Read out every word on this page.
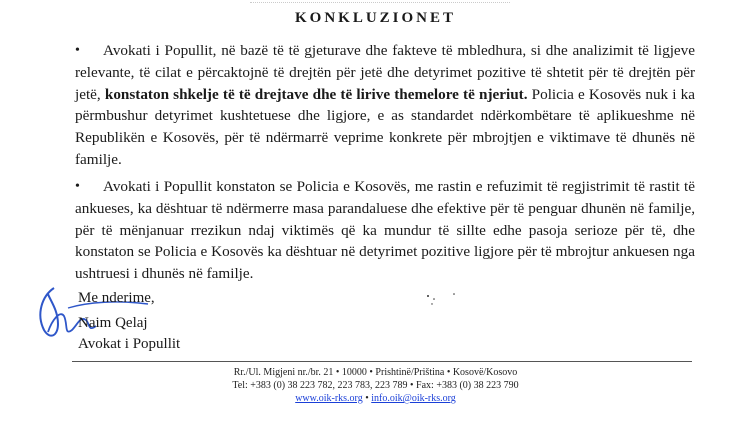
KONKLUZIONET
•	Avokati i Popullit, në bazë të të gjeturave dhe fakteve të mbledhura, si dhe analizimit të ligjeve relevante, të cilat e përcaktojnë të drejtën për jetë dhe detyrimet pozitive të shtetit për të drejtën për jetë, konstaton shkelje të të drejtave dhe të lirive themelore të njeriut. Policia e Kosovës nuk i ka përmbushur detyrimet kushtetuese dhe ligjore, e as standardet ndërkombëtare të aplikueshme në Republikën e Kosovës, për të ndërmarrë veprime konkrete për mbrojtjen e viktimave të dhunës në familje.
•	Avokati i Popullit konstaton se Policia e Kosovës, me rastin e refuzimit të regjistrimit të rastit të ankueses, ka dështuar të ndërmerre masa parandaluese dhe efektive për të penguar dhunën në familje, për të mënjanuar rrezikun ndaj viktimës që ka mundur të sillte edhe pasoja serioze për të, dhe konstaton se Policia e Kosovës ka dështuar në detyrimet pozitive ligjore për të mbrojtur ankuesen nga ushtruesi i dhunës në familje.
Me nderime,
Naim Qelaj
Avokat i Popullit
Rr./Ul. Migjeni nr./br. 21 • 10000 • Prishtinë/Priština • Kosovë/Kosovo
Tel: +383 (0) 38 223 782, 223 783, 223 789 • Fax: +383 (0) 38 223 790
www.oik-rks.org • info.oik@oik-rks.org
